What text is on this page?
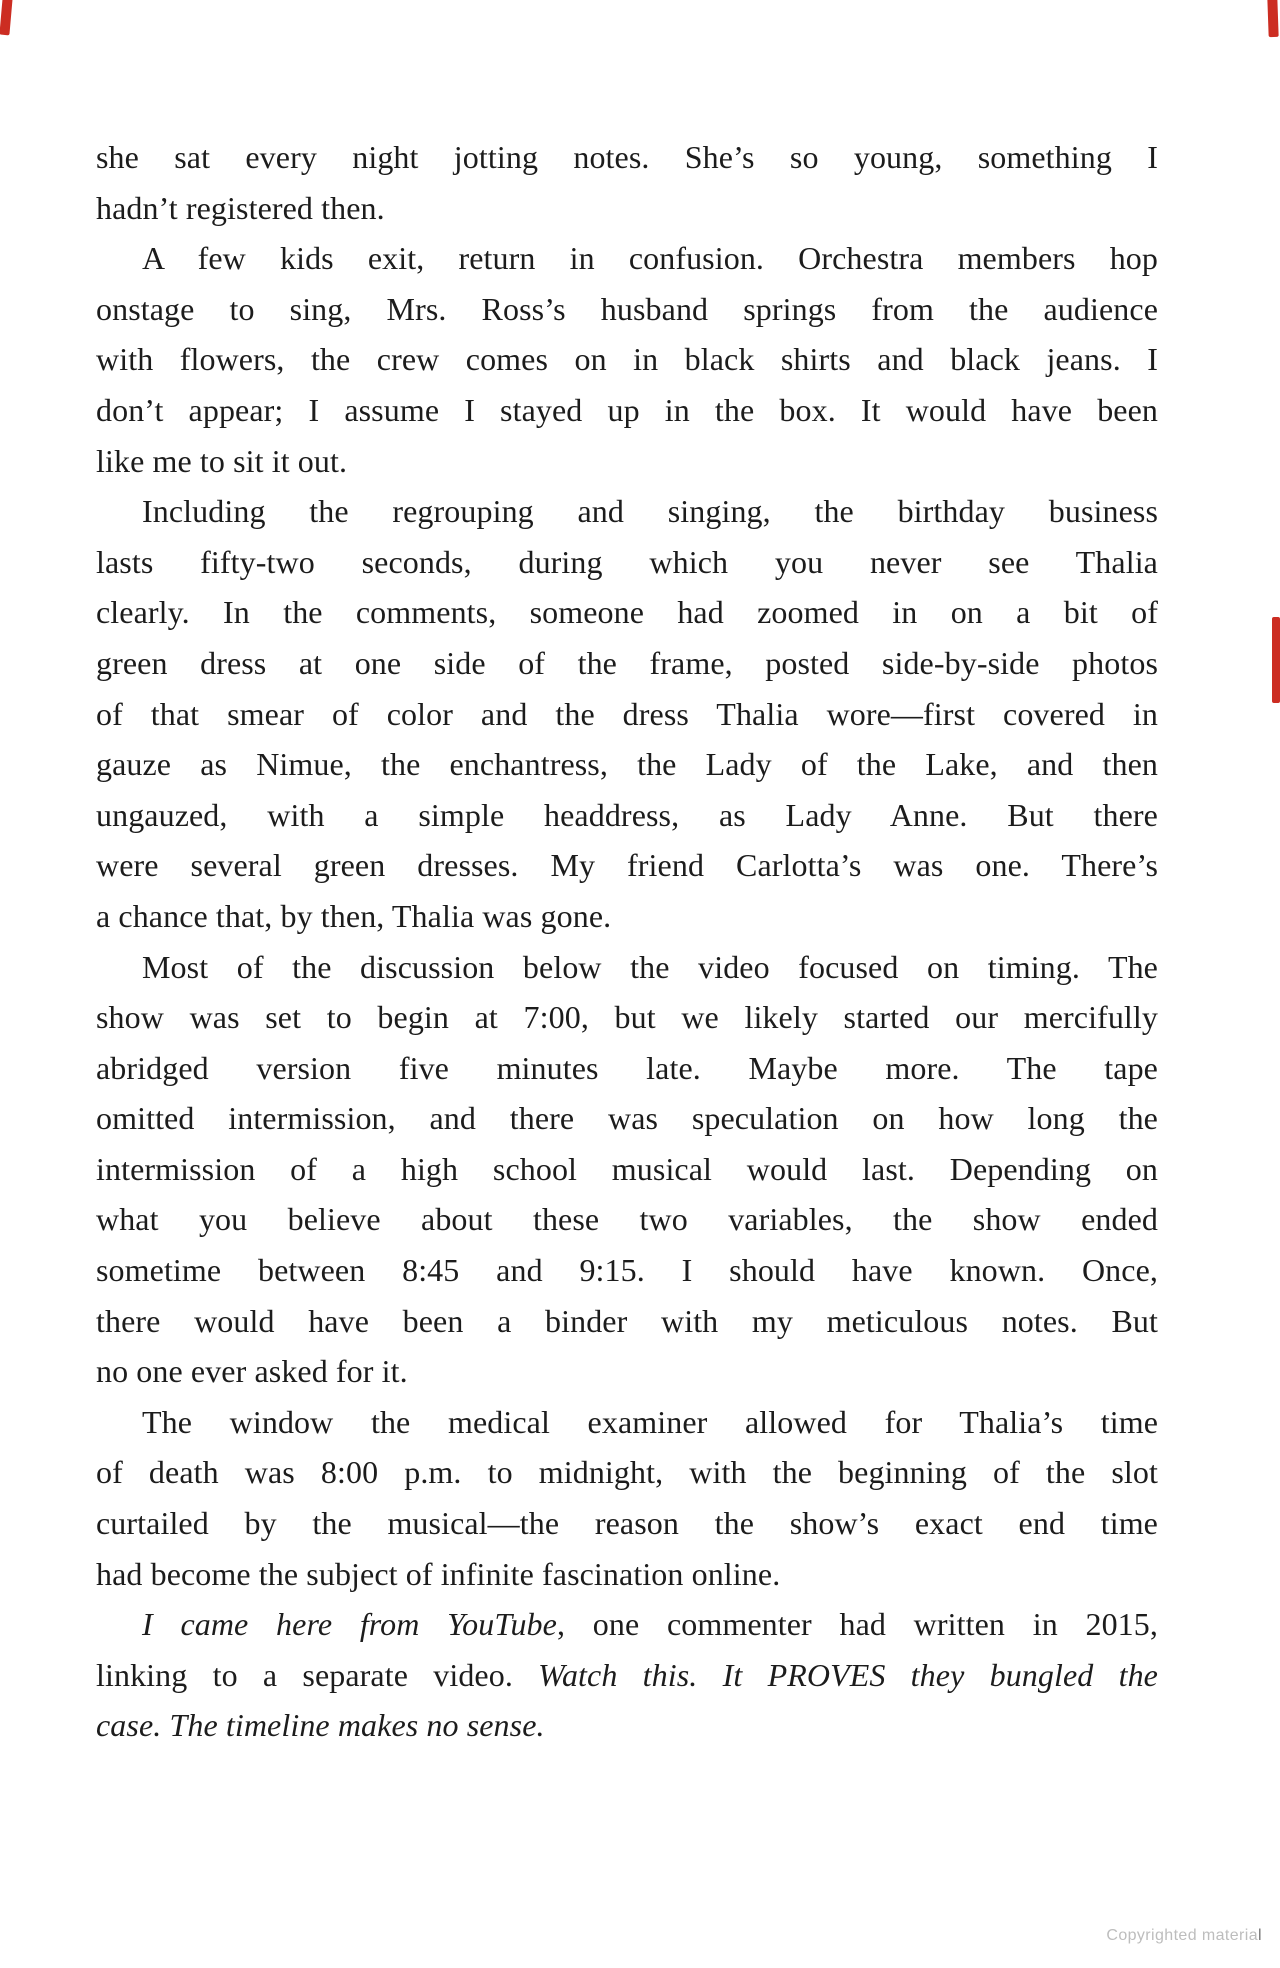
she sat every night jotting notes. She’s so young, something I
hadn’t registered then.
A few kids exit, return in confusion. Orchestra members hop
onstage to sing, Mrs. Ross’s husband springs from the audience
with flowers, the crew comes on in black shirts and black jeans. I
don’t appear; I assume I stayed up in the box. It would have been
like me to sit it out.
Including the regrouping and singing, the birthday business
lasts fifty-two seconds, during which you never see Thalia
clearly. In the comments, someone had zoomed in on a bit of
green dress at one side of the frame, posted side-by-side photos
of that smear of color and the dress Thalia wore—first covered in
gauze as Nimue, the enchantress, the Lady of the Lake, and then
ungauzed, with a simple headdress, as Lady Anne. But there
were several green dresses. My friend Carlotta’s was one. There’s
a chance that, by then, Thalia was gone.
Most of the discussion below the video focused on timing. The
show was set to begin at 7:00, but we likely started our mercifully
abridged version five minutes late. Maybe more. The tape
omitted intermission, and there was speculation on how long the
intermission of a high school musical would last. Depending on
what you believe about these two variables, the show ended
sometime between 8:45 and 9:15. I should have known. Once,
there would have been a binder with my meticulous notes. But
no one ever asked for it.
The window the medical examiner allowed for Thalia’s time
of death was 8:00 p.m. to midnight, with the beginning of the slot
curtailed by the musical—the reason the show’s exact end time
had become the subject of infinite fascination online.
I came here from YouTube, one commenter had written in 2015,
linking to a separate video. Watch this. It PROVES they bungled the
case. The timeline makes no sense.
Copyrighted material
